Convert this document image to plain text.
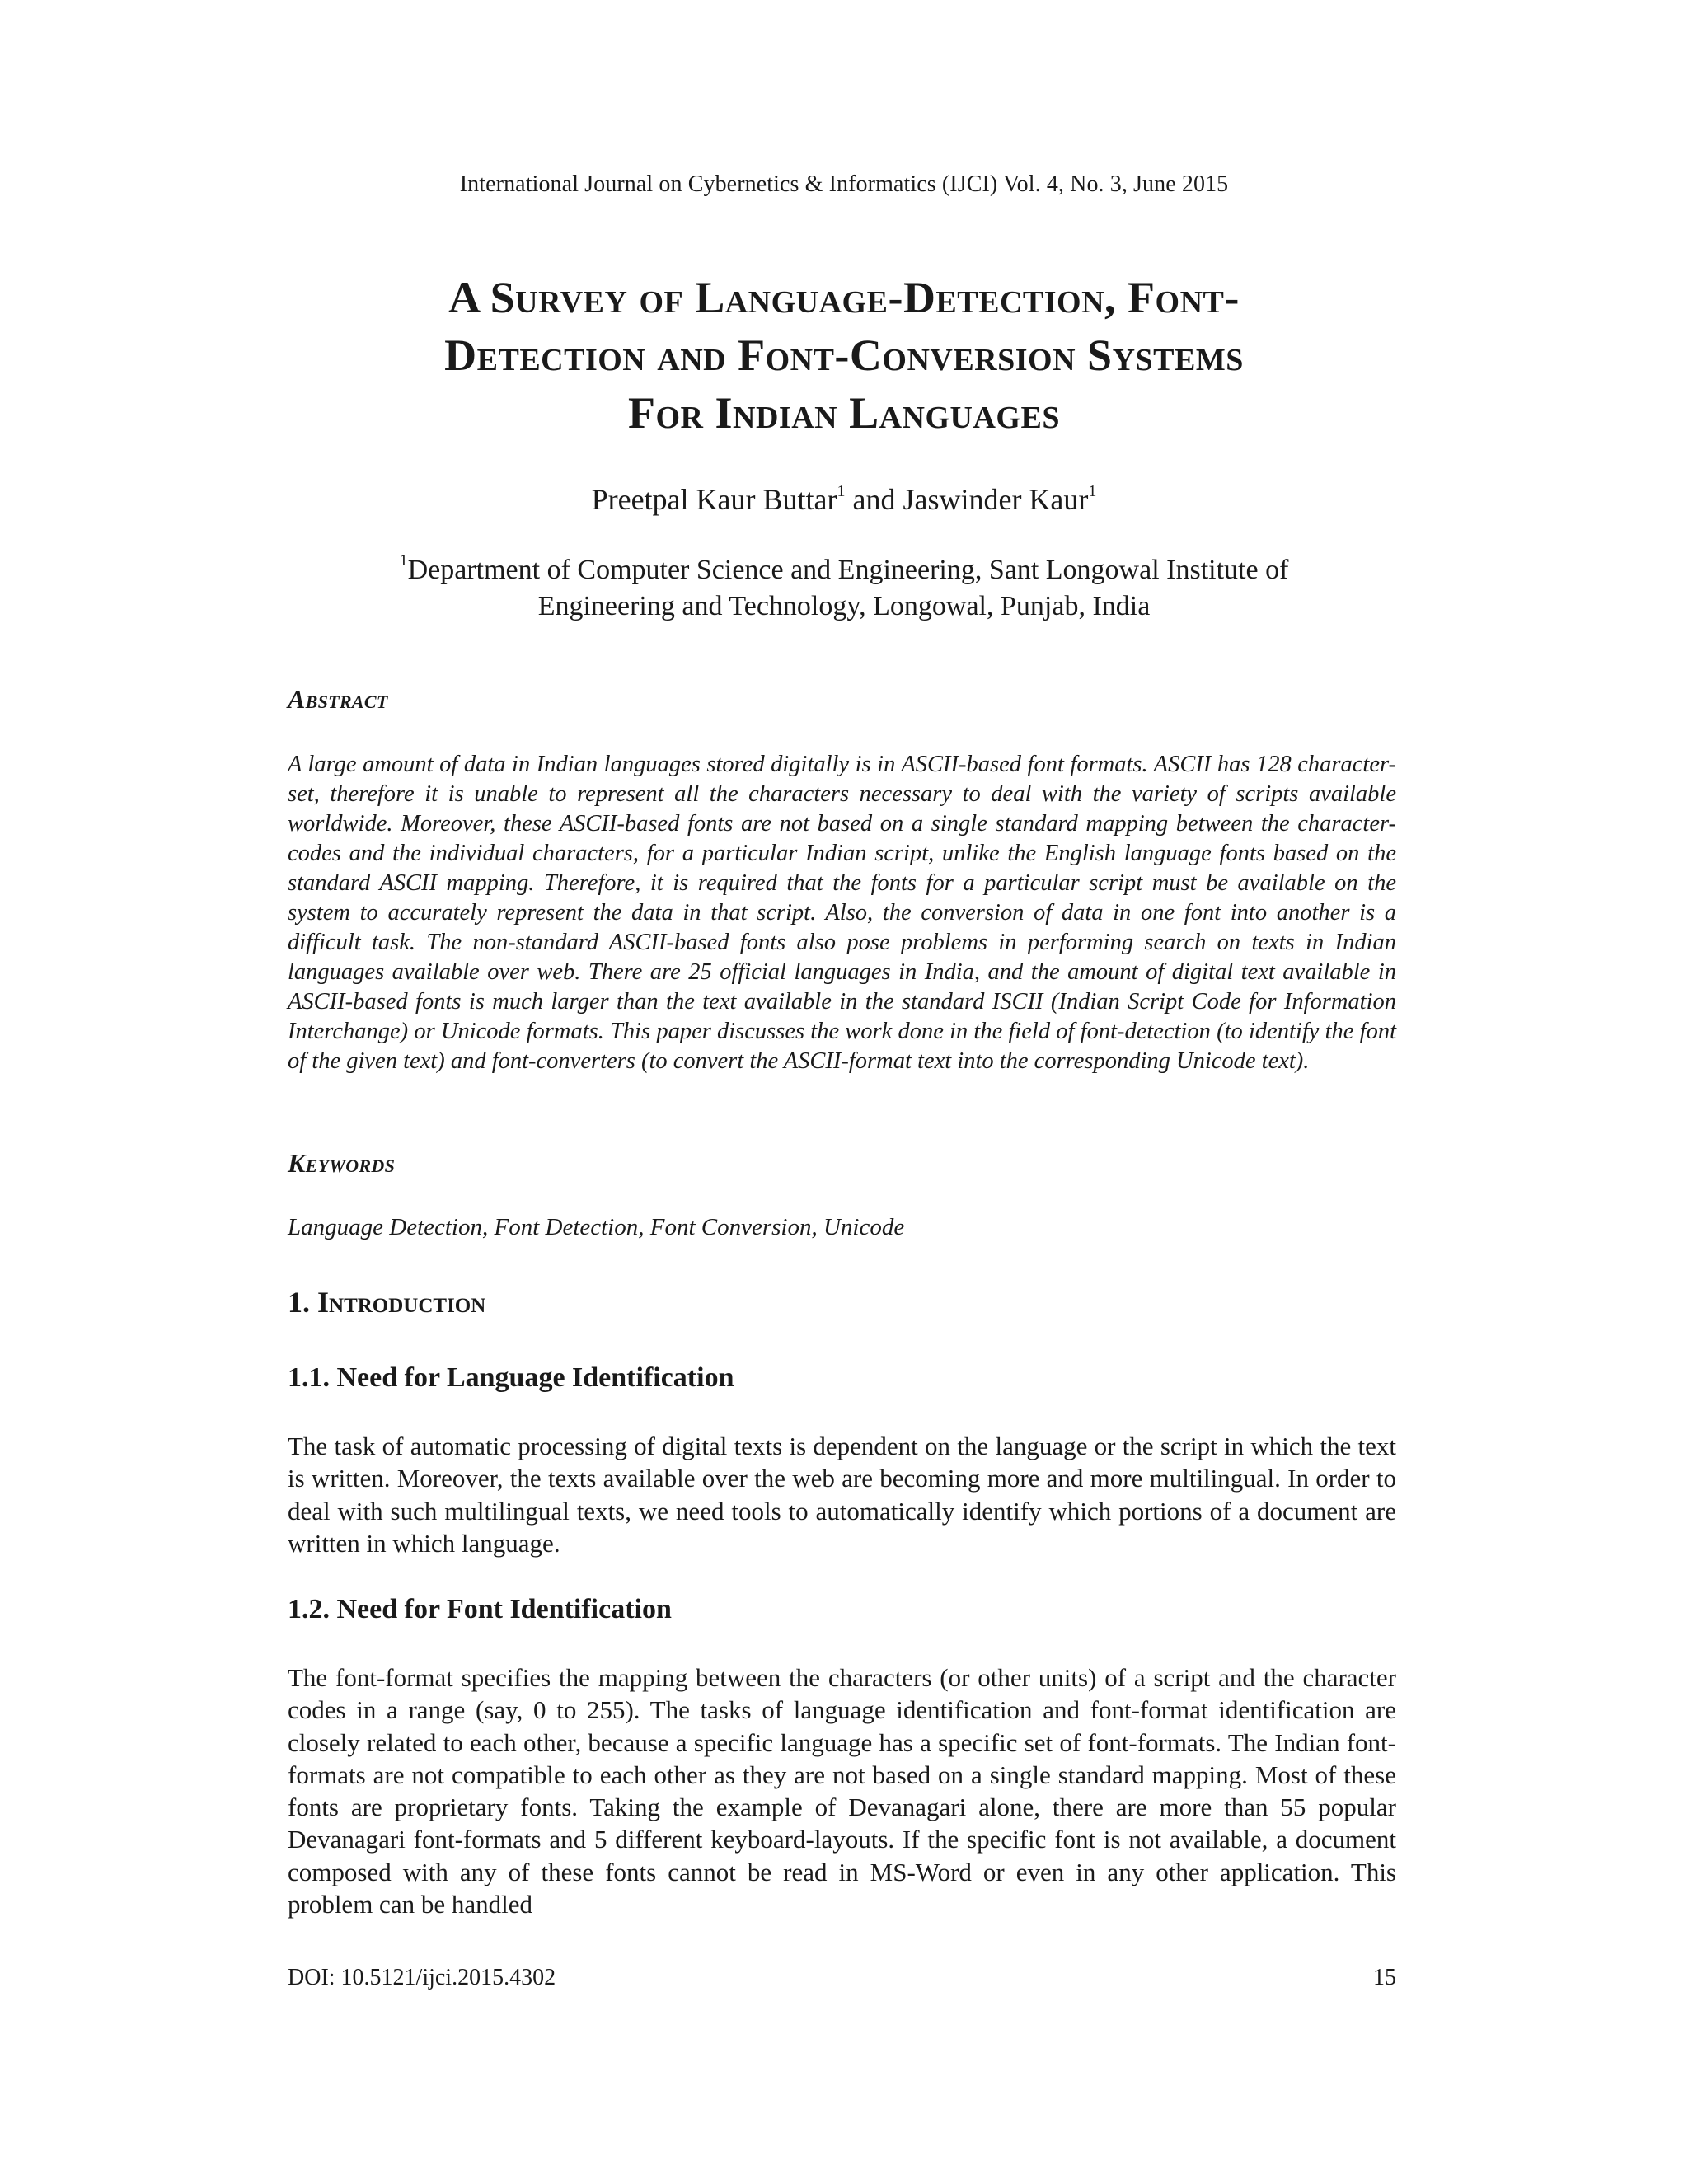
International Journal on Cybernetics & Informatics (IJCI) Vol. 4, No. 3, June 2015
A Survey of Language-Detection, Font-
Detection and Font-Conversion Systems
For Indian Languages
Preetpal Kaur Buttar$^1$ and Jaswinder Kaur$^1$
$^1$Department of Computer Science and Engineering, Sant Longowal Institute of
Engineering and Technology, Longowal, Punjab, India
Abstract
A large amount of data in Indian languages stored digitally is in ASCII-based font formats. ASCII has 128 character-set, therefore it is unable to represent all the characters necessary to deal with the variety of scripts available worldwide. Moreover, these ASCII-based fonts are not based on a single standard mapping between the character-codes and the individual characters, for a particular Indian script, unlike the English language fonts based on the standard ASCII mapping. Therefore, it is required that the fonts for a particular script must be available on the system to accurately represent the data in that script. Also, the conversion of data in one font into another is a difficult task. The non-standard ASCII-based fonts also pose problems in performing search on texts in Indian languages available over web. There are 25 official languages in India, and the amount of digital text available in ASCII-based fonts is much larger than the text available in the standard ISCII (Indian Script Code for Information Interchange) or Unicode formats. This paper discusses the work done in the field of font-detection (to identify the font of the given text) and font-converters (to convert the ASCII-format text into the corresponding Unicode text).
Keywords
Language Detection, Font Detection, Font Conversion, Unicode
1. Introduction
1.1. Need for Language Identification
The task of automatic processing of digital texts is dependent on the language or the script in which the text is written. Moreover, the texts available over the web are becoming more and more multilingual. In order to deal with such multilingual texts, we need tools to automatically identify which portions of a document are written in which language.
1.2. Need for Font Identification
The font-format specifies the mapping between the characters (or other units) of a script and the character codes in a range (say, 0 to 255). The tasks of language identification and font-format identification are closely related to each other, because a specific language has a specific set of font-formats. The Indian font-formats are not compatible to each other as they are not based on a single standard mapping. Most of these fonts are proprietary fonts. Taking the example of Devanagari alone, there are more than 55 popular Devanagari font-formats and 5 different keyboard-layouts. If the specific font is not available, a document composed with any of these fonts cannot be read in MS-Word or even in any other application. This problem can be handled
DOI: 10.5121/ijci.2015.4302	15
